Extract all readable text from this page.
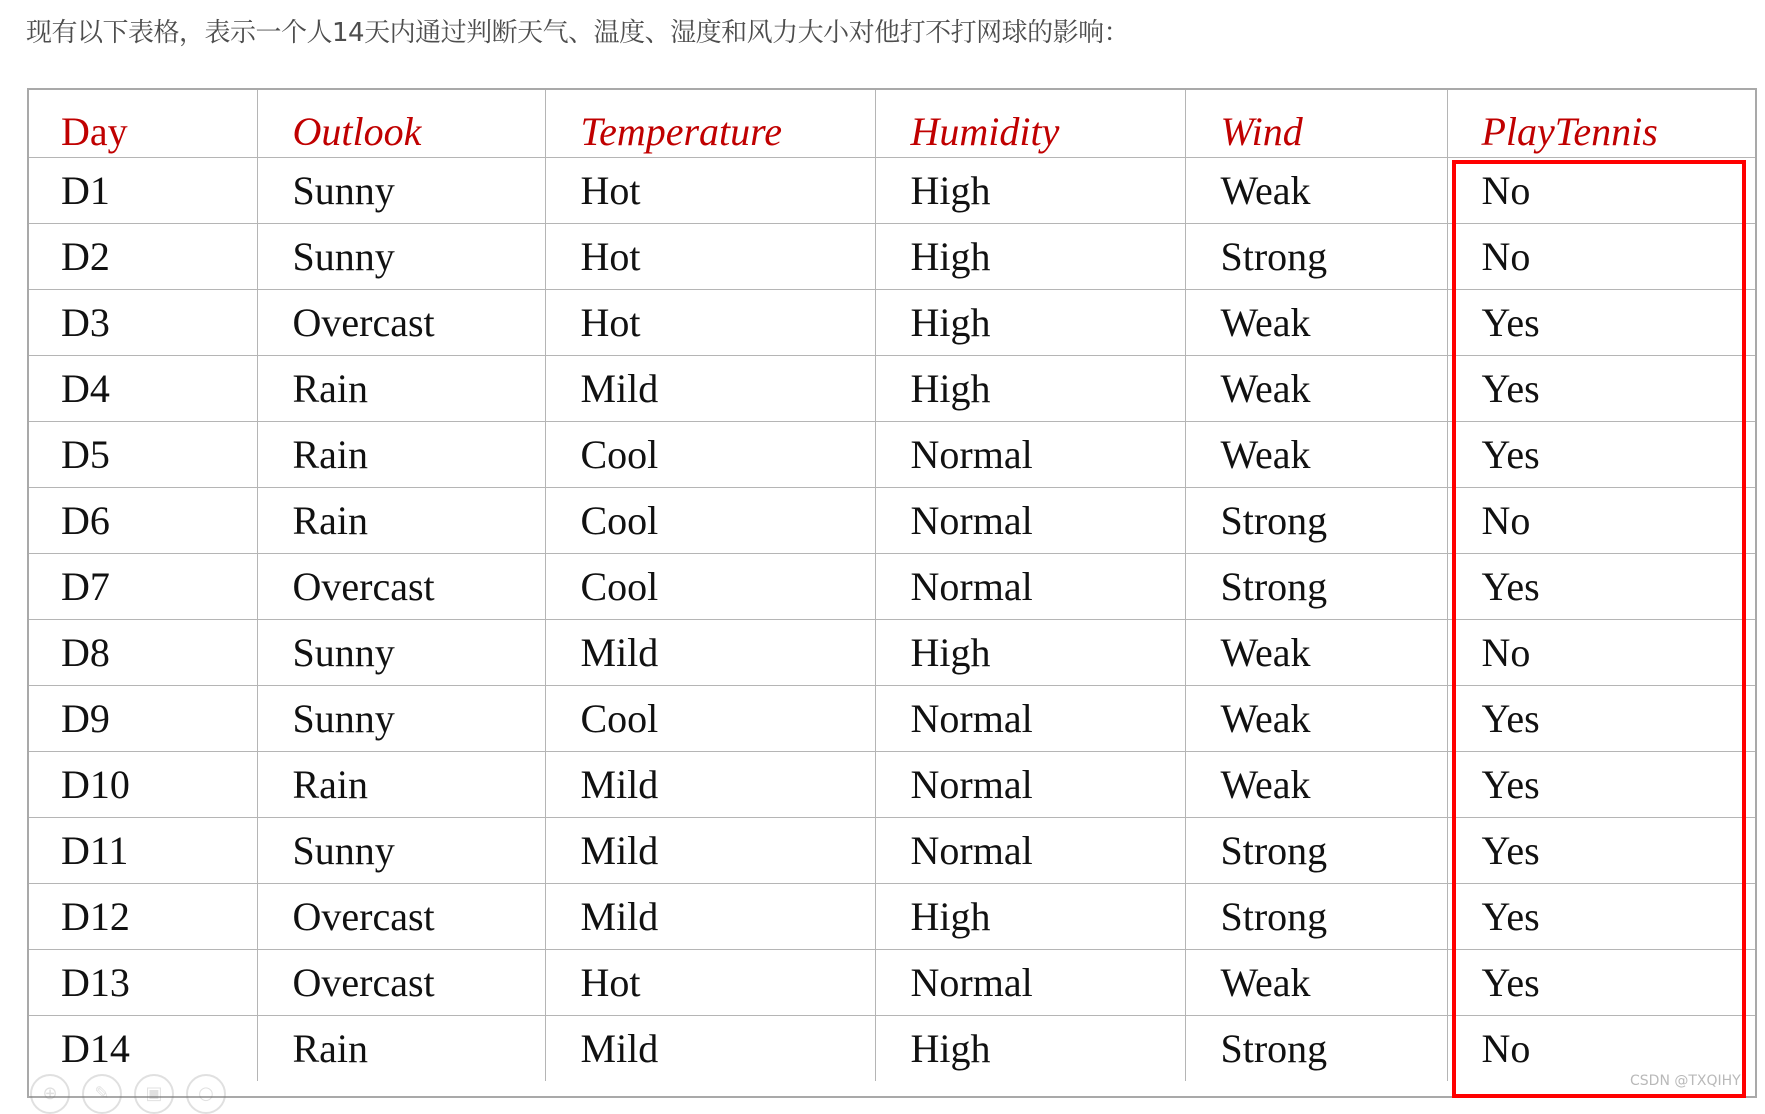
现有以下表格，表示一个人14天内通过判断天气、温度、湿度和风力大小对他打不打网球的影响：
Day	Outlook	Temperature	Humidity	Wind	PlayTennis
D1	Sunny	Hot	High	Weak	No
D2	Sunny	Hot	High	Strong	No
D3	Overcast	Hot	High	Weak	Yes
D4	Rain	Mild	High	Weak	Yes
D5	Rain	Cool	Normal	Weak	Yes
D6	Rain	Cool	Normal	Strong	No
D7	Overcast	Cool	Normal	Strong	Yes
D8	Sunny	Mild	High	Weak	No
D9	Sunny	Cool	Normal	Weak	Yes
D10	Rain	Mild	Normal	Weak	Yes
D11	Sunny	Mild	Normal	Strong	Yes
D12	Overcast	Mild	High	Strong	Yes
D13	Overcast	Hot	Normal	Weak	Yes
D14	Rain	Mild	High	Strong	No
⊕	✎	▣	○
CSDN @TXQIHY
